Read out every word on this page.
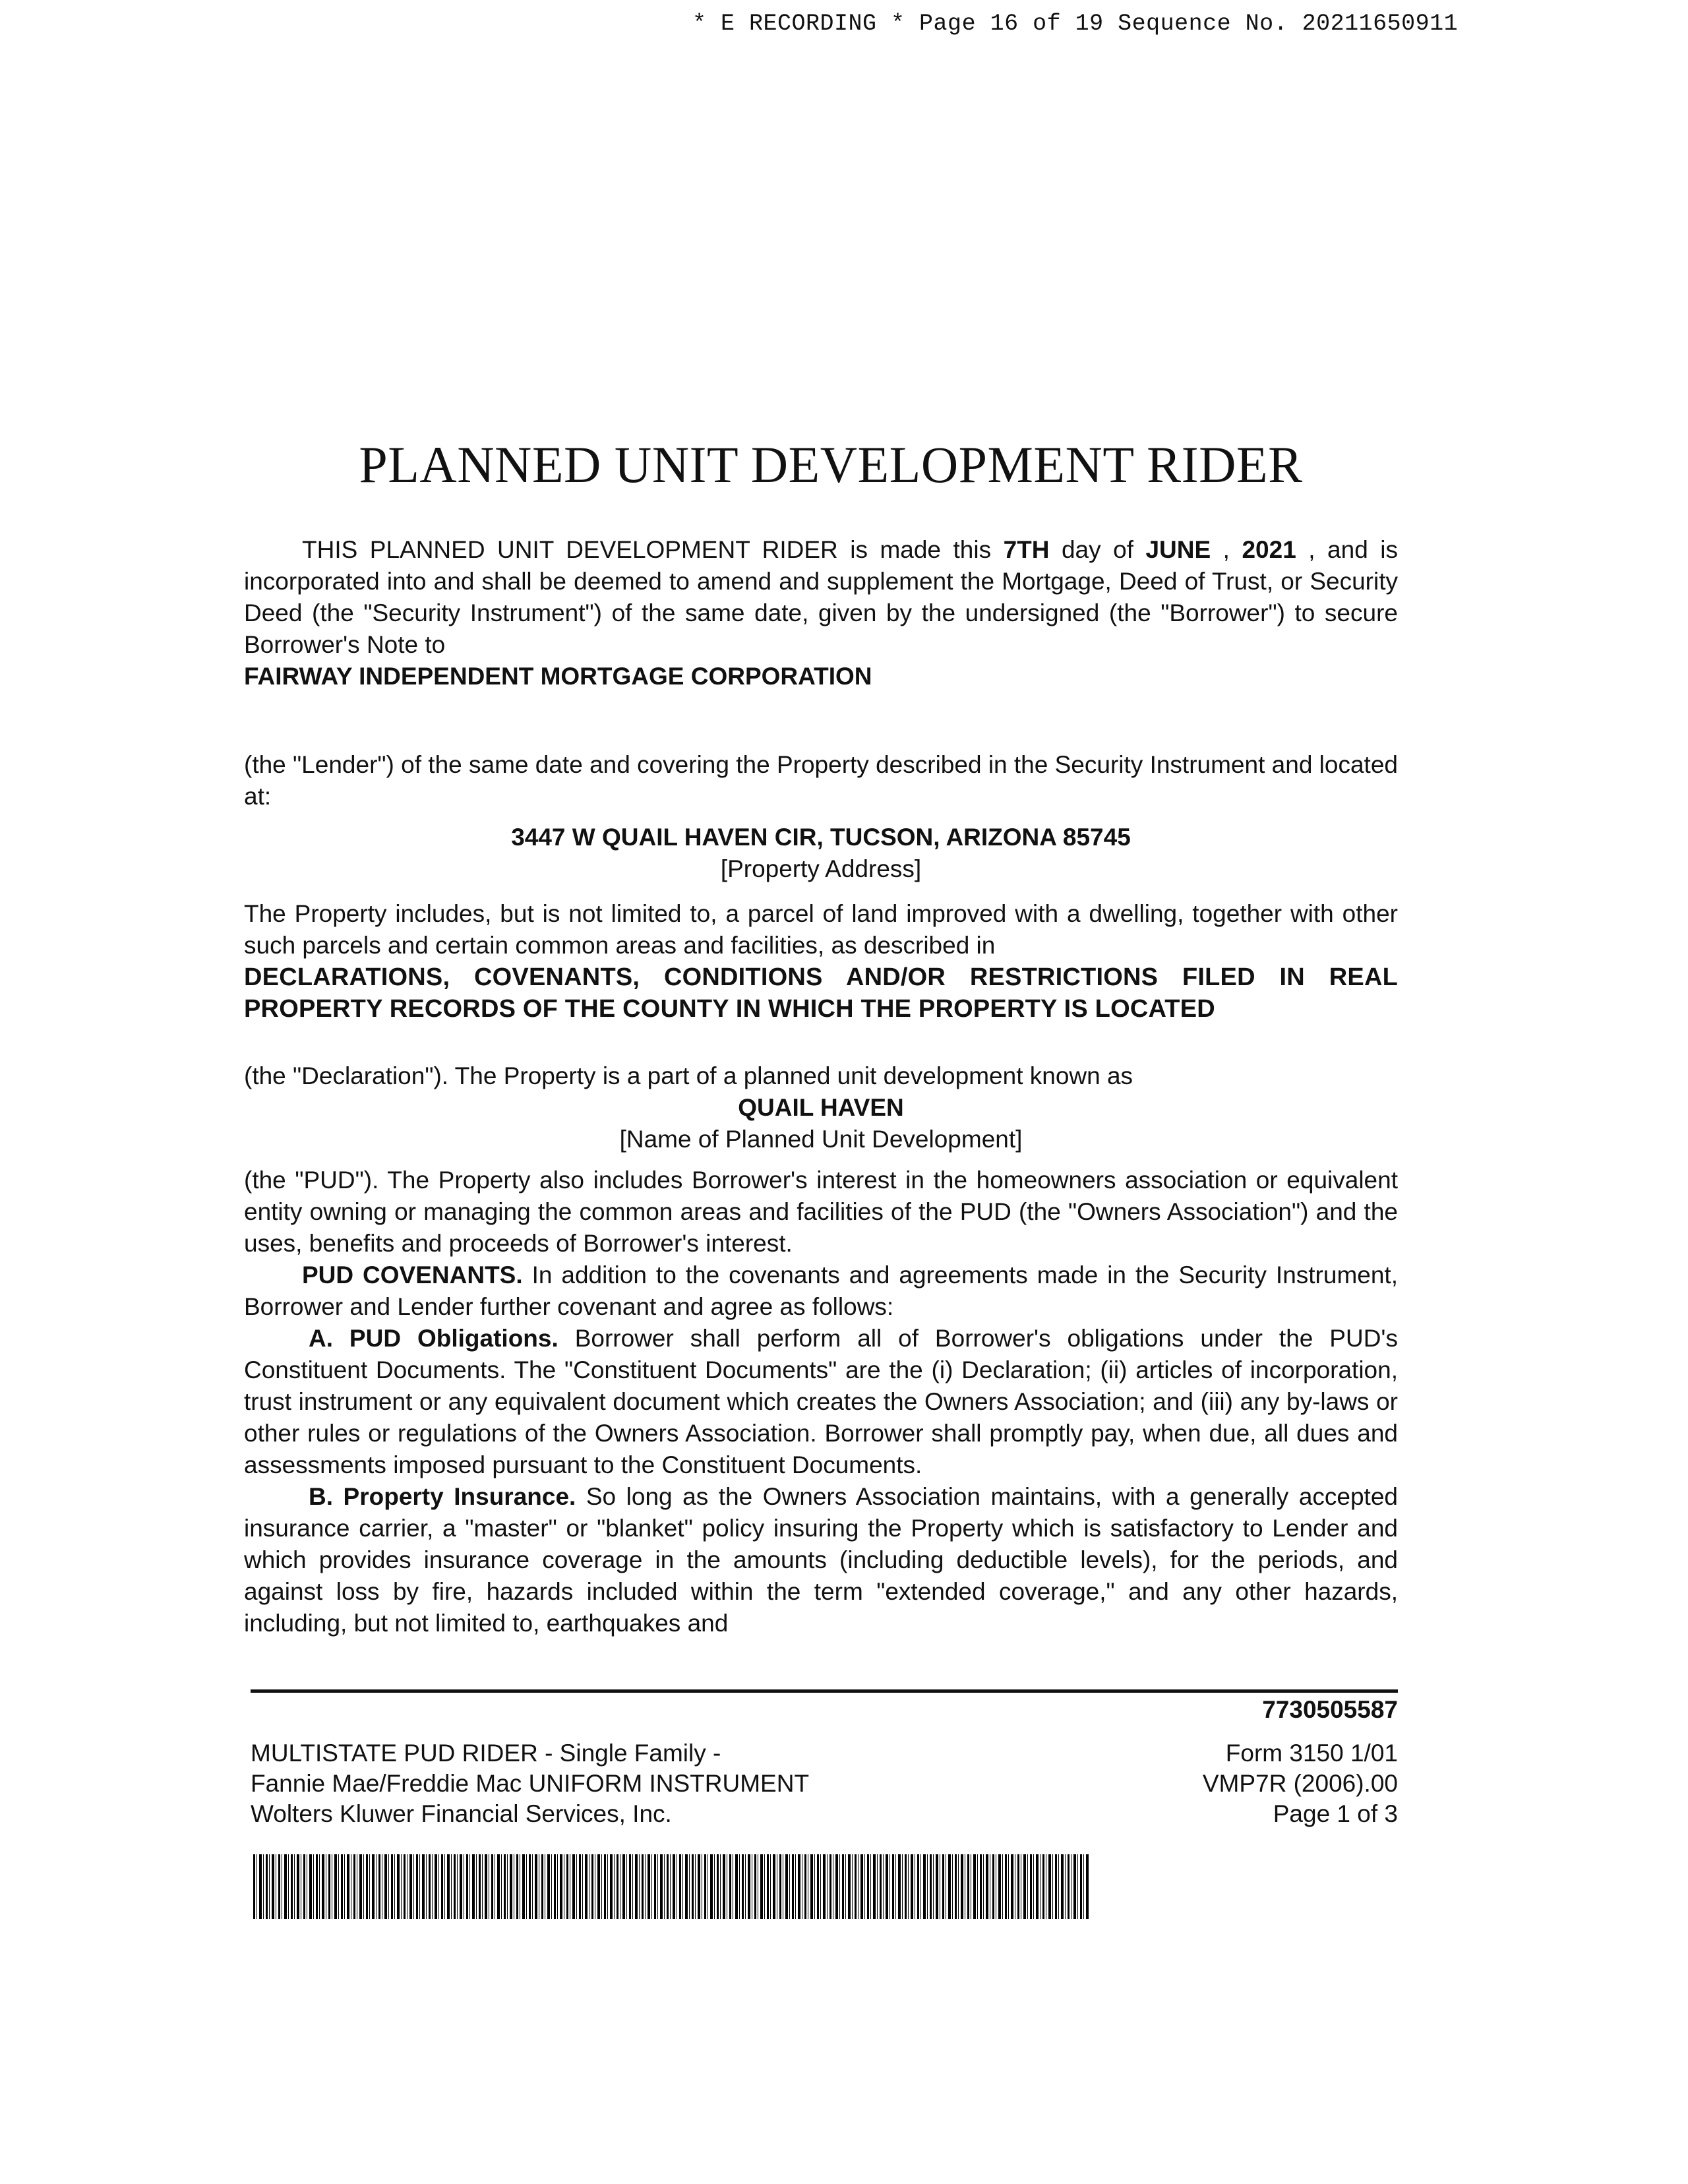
* E RECORDING * Page 16 of 19 Sequence No. 20211650911
PLANNED UNIT DEVELOPMENT RIDER

THIS PLANNED UNIT DEVELOPMENT RIDER is made this 7TH day of JUNE , 2021 , and is incorporated into and shall be deemed to amend and supplement the Mortgage, Deed of Trust, or Security Deed (the "Security Instrument") of the same date, given by the undersigned (the "Borrower") to secure Borrower's Note to

FAIRWAY INDEPENDENT MORTGAGE CORPORATION

(the "Lender") of the same date and covering the Property described in the Security Instrument and located at:

3447 W QUAIL HAVEN CIR, TUCSON, ARIZONA 85745

[Property Address]

The Property includes, but is not limited to, a parcel of land improved with a dwelling, together with other such parcels and certain common areas and facilities, as described in

DECLARATIONS, COVENANTS, CONDITIONS AND/OR RESTRICTIONS FILED IN REAL PROPERTY RECORDS OF THE COUNTY IN WHICH THE PROPERTY IS LOCATED

(the "Declaration"). The Property is a part of a planned unit development known as

QUAIL HAVEN

[Name of Planned Unit Development]

(the "PUD"). The Property also includes Borrower's interest in the homeowners association or equivalent entity owning or managing the common areas and facilities of the PUD (the "Owners Association") and the uses, benefits and proceeds of Borrower's interest.

PUD COVENANTS. In addition to the covenants and agreements made in the Security Instrument, Borrower and Lender further covenant and agree as follows:

A. PUD Obligations. Borrower shall perform all of Borrower's obligations under the PUD's Constituent Documents. The "Constituent Documents" are the (i) Declaration; (ii) articles of incorporation, trust instrument or any equivalent document which creates the Owners Association; and (iii) any by-laws or other rules or regulations of the Owners Association. Borrower shall promptly pay, when due, all dues and assessments imposed pursuant to the Constituent Documents.

B. Property Insurance. So long as the Owners Association maintains, with a generally accepted insurance carrier, a "master" or "blanket" policy insuring the Property which is satisfactory to Lender and which provides insurance coverage in the amounts (including deductible levels), for the periods, and against loss by fire, hazards included within the term "extended coverage," and any other hazards, including, but not limited to, earthquakes and

7730505587
MULTISTATE PUD RIDER - Single Family -
Fannie Mae/Freddie Mac UNIFORM INSTRUMENT
Wolters Kluwer Financial Services, Inc.
Form 3150 1/01
VMP7R (2006).00
Page 1 of 3
